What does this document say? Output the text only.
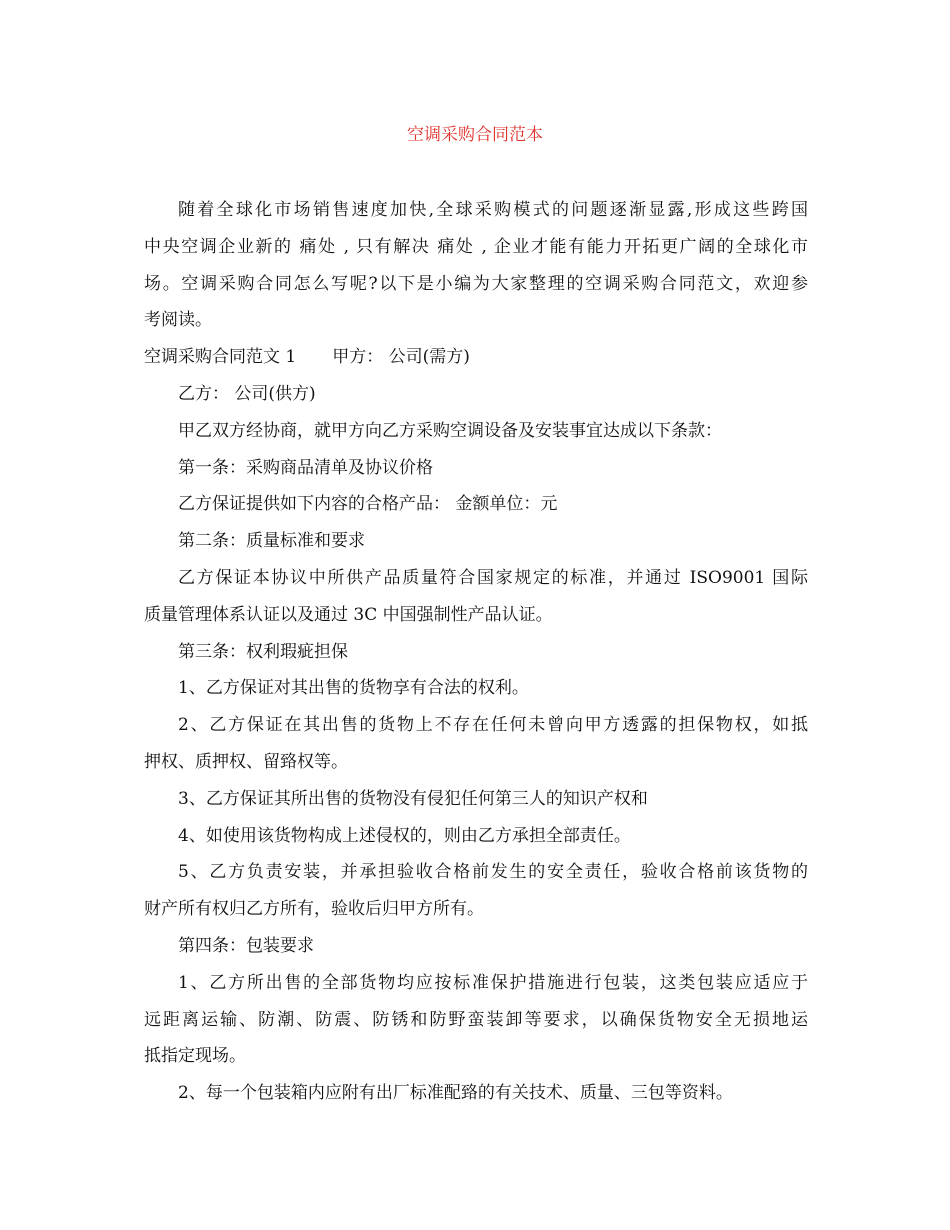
空调采购合同范本

随着全球化市场销售速度加快,全球采购模式的问题逐渐显露,形成这些跨国

中央空调企业新的 痛处 , 只有解决 痛处 , 企业才能有能力开拓更广阔的全球化市

场。空调采购合同怎么写呢?以下是小编为大家整理的空调采购合同范文，欢迎参

考阅读。

空调采购合同范文 1 甲方： 公司(需方)

乙方： 公司(供方)

甲乙双方经协商，就甲方向乙方采购空调设备及安装事宜达成以下条款：

第一条：采购商品清单及协议价格

乙方保证提供如下内容的合格产品： 金额单位：元

第二条：质量标准和要求

乙方保证本协议中所供产品质量符合国家规定的标准，并通过 ISO9001 国际

质量管理体系认证以及通过 3C 中国强制性产品认证。

第三条：权利瑕疵担保

1、乙方保证对其出售的货物享有合法的权利。

2、乙方保证在其出售的货物上不存在任何未曾向甲方透露的担保物权，如抵

押权、质押权、留臵权等。

3、乙方保证其所出售的货物没有侵犯任何第三人的知识产权和

4、如使用该货物构成上述侵权的，则由乙方承担全部责任。

5、乙方负责安装，并承担验收合格前发生的安全责任，验收合格前该货物的

财产所有权归乙方所有，验收后归甲方所有。

第四条：包装要求

1、乙方所出售的全部货物均应按标准保护措施进行包装，这类包装应适应于

远距离运输、防潮、防震、防锈和防野蛮装卸等要求，以确保货物安全无损地运

抵指定现场。

2、每一个包装箱内应附有出厂标准配臵的有关技术、质量、三包等资料。
